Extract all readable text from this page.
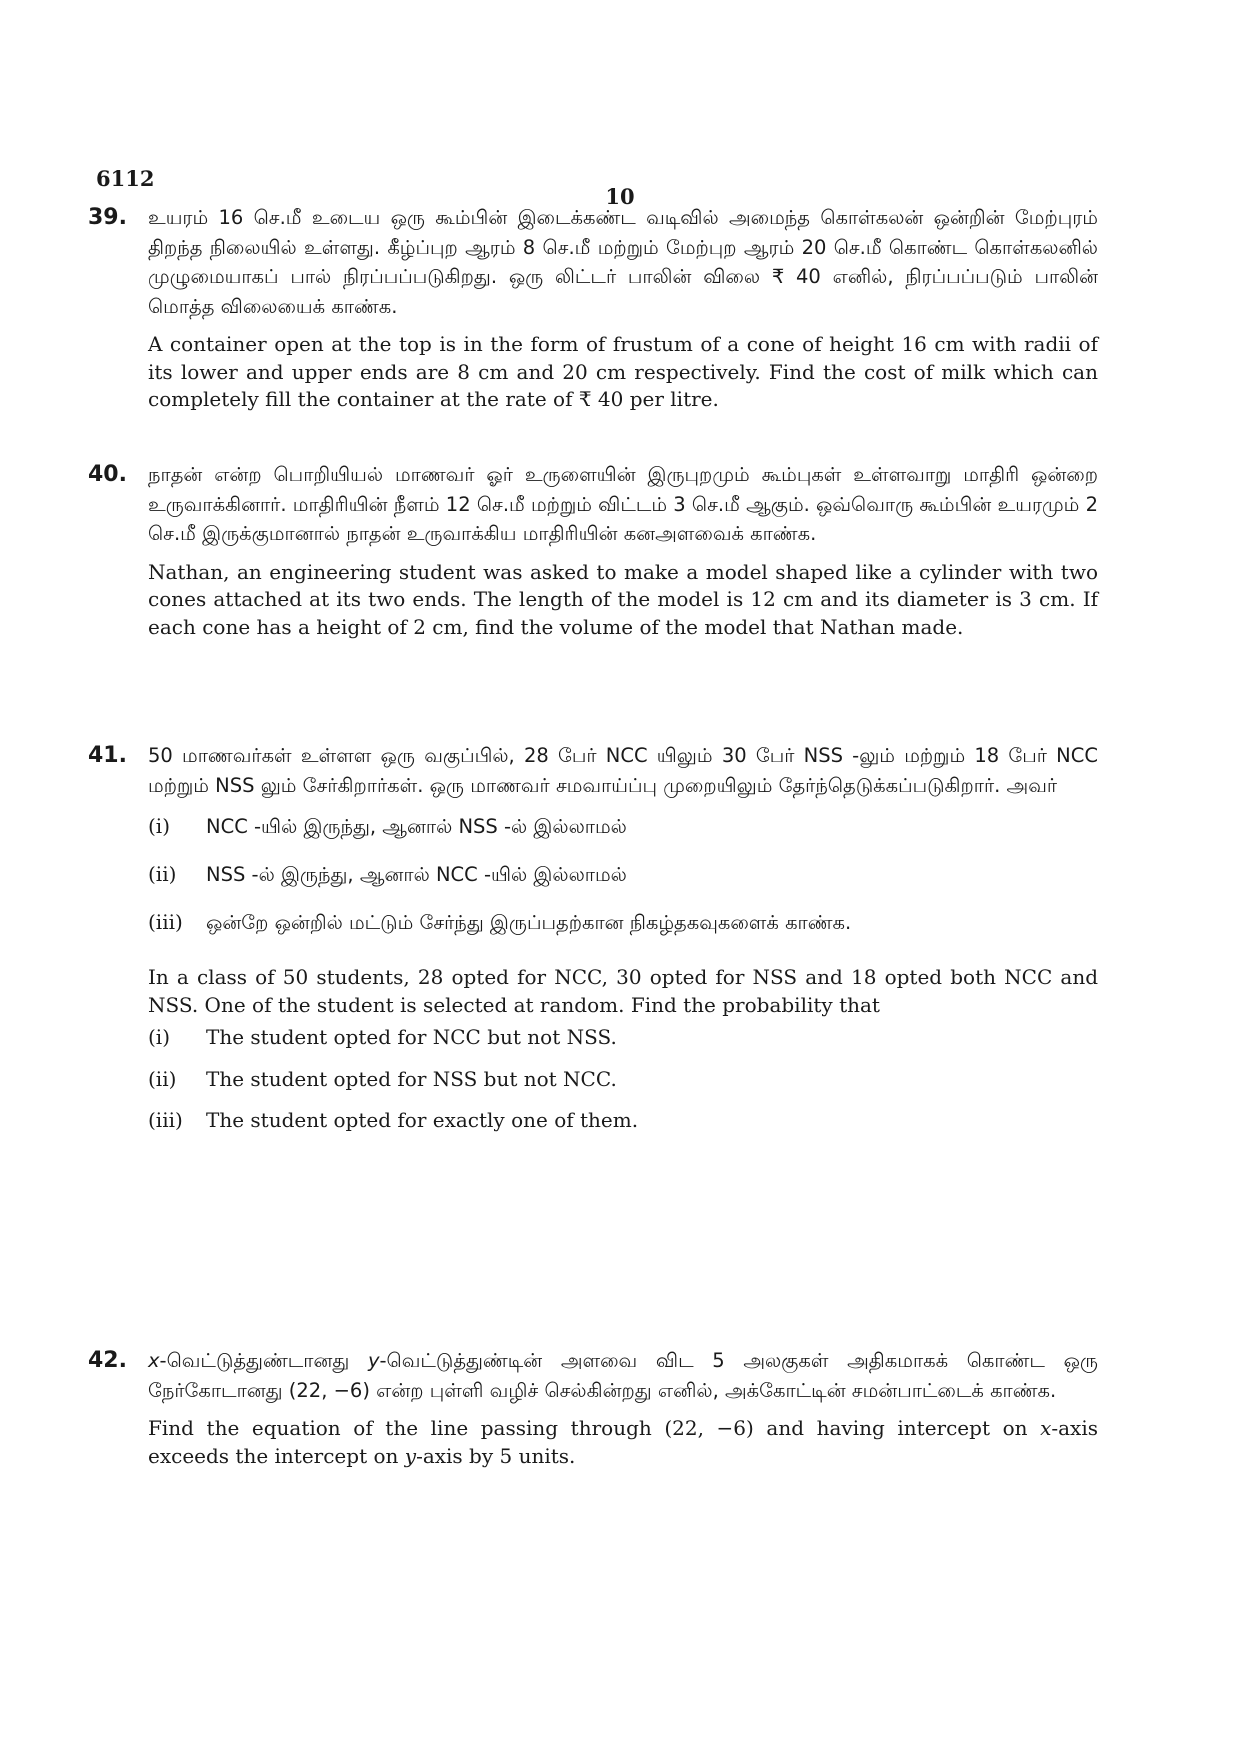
6112
10
39. உயரம் 16 செ.மீ உடைய ஒரு கூம்பின் இடைக்கண்ட வடிவில் அமைந்த கொள்கலன் ஒன்றின் மேற்புரம் திறந்த நிலையில் உள்ளது. கீழ்ப்புற ஆரம் 8 செ.மீ மற்றும் மேற்புற ஆரம் 20 செ.மீ கொண்ட கொள்கலனில் முழுமையாகப் பால் நிரப்பப்படுகிறது. ஒரு லிட்டர் பாலின் விலை ₹ 40 எனில், நிரப்பப்படும் பாலின் மொத்த விலையைக் காண்க.
A container open at the top is in the form of frustum of a cone of height 16 cm with radii of its lower and upper ends are 8 cm and 20 cm respectively. Find the cost of milk which can completely fill the container at the rate of ₹ 40 per litre.
40. நாதன் என்ற பொறியியல் மாணவர் ஓர் உருளையின் இருபுறமும் கூம்புகள் உள்ளவாறு மாதிரி ஒன்றை உருவாக்கினார். மாதிரியின் நீளம் 12 செ.மீ மற்றும் விட்டம் 3 செ.மீ ஆகும். ஒவ்வொரு கூம்பின் உயரமும் 2 செ.மீ இருக்குமானால் நாதன் உருவாக்கிய மாதிரியின் கனஅளவைக் காண்க.
Nathan, an engineering student was asked to make a model shaped like a cylinder with two cones attached at its two ends. The length of the model is 12 cm and its diameter is 3 cm. If each cone has a height of 2 cm, find the volume of the model that Nathan made.
41. 50 மாணவர்கள் உள்ளள ஒரு வகுப்பில், 28 பேர் NCC யிலும் 30 பேர் NSS -லும் மற்றும் 18 பேர் NCC மற்றும் NSS லும் சேர்கிறார்கள். ஒரு மாணவர் சமவாய்ப்பு முறையிலும் தேர்ந்தெடுக்கப்படுகிறார். அவர்
(i)	NCC -யில் இருந்து, ஆனால் NSS -ல் இல்லாமல்
(ii)	NSS -ல் இருந்து, ஆனால் NCC -யில் இல்லாமல்
(iii)	ஒன்றே ஒன்றில் மட்டும் சேர்ந்து இருப்பதற்கான நிகழ்தகவுகளைக் காண்க.
In a class of 50 students, 28 opted for NCC, 30 opted for NSS and 18 opted both NCC and NSS. One of the student is selected at random. Find the probability that
(i)	The student opted for NCC but not NSS.
(ii)	The student opted for NSS but not NCC.
(iii)	The student opted for exactly one of them.
42. x-வெட்டுத்துண்டானது y-வெட்டுத்துண்டின் அளவை விட 5 அலகுகள் அதிகமாகக் கொண்ட ஒரு நேர்கோடானது (22, −6) என்ற புள்ளி வழிச் செல்கின்றது எனில், அக்கோட்டின் சமன்பாட்டைக் காண்க.
Find the equation of the line passing through (22, −6) and having intercept on x-axis exceeds the intercept on y-axis by 5 units.
